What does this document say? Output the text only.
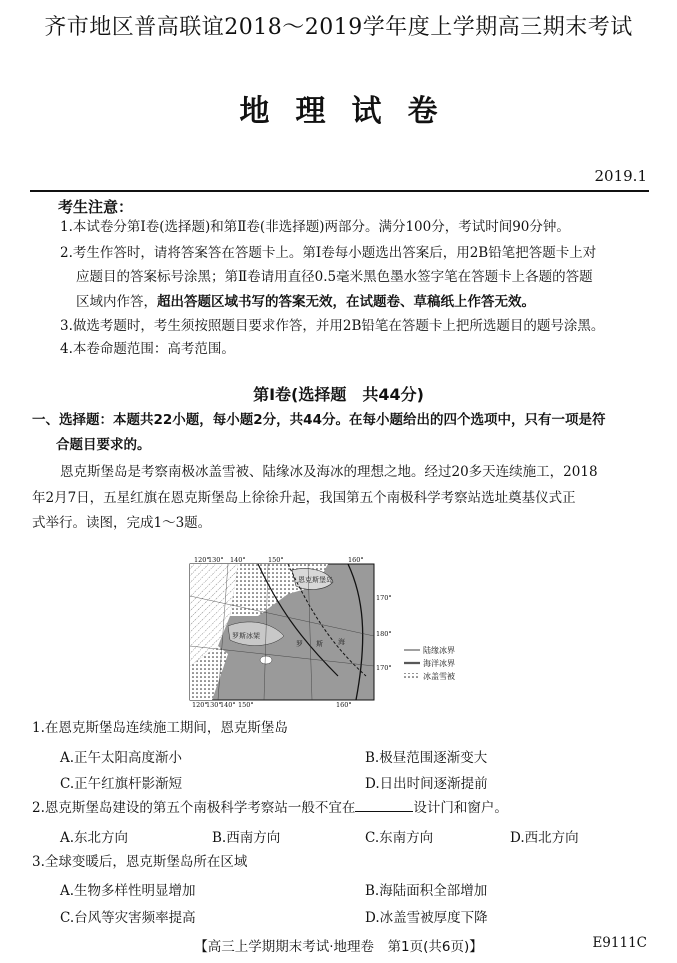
齐市地区普高联谊2018～2019学年度上学期高三期末考试
地理试卷
2019.1
考生注意：
1.本试卷分第Ⅰ卷(选择题)和第Ⅱ卷(非选择题)两部分。满分100分，考试时间90分钟。
2.考生作答时，请将答案答在答题卡上。第Ⅰ卷每小题选出答案后，用2B铅笔把答题卡上对
应题目的答案标号涂黑；第Ⅱ卷请用直径0.5毫米黑色墨水签字笔在答题卡上各题的答题
区域内作答，超出答题区域书写的答案无效，在试题卷、草稿纸上作答无效。
3.做选考题时，考生须按照题目要求作答，并用2B铅笔在答题卡上把所选题目的题号涂黑。
4.本卷命题范围：高考范围。
第Ⅰ卷(选择题　共44分)
一、选择题：本题共22小题，每小题2分，共44分。在每小题给出的四个选项中，只有一项是符
合题目要求的。
恩克斯堡岛是考察南极冰盖雪被、陆缘冰及海冰的理想之地。经过20多天连续施工，2018
年2月7日，五星红旗在恩克斯堡岛上徐徐升起，我国第五个南极科学考察站选址奠基仪式正
式举行。读图，完成1～3题。
120°
130° 140°	150°	160°
120°
130°
140° 150°	160°
170°
180°
170°
恩克斯堡岛
罗斯冰架
罗 斯 海
陆缘冰界
海洋冰界
冰盖雪被
1.在恩克斯堡岛连续施工期间，恩克斯堡岛
A.正午太阳高度渐小	B.极昼范围逐渐变大
C.正午红旗杆影渐短	D.日出时间逐渐提前
2.恩克斯堡岛建设的第五个南极科学考察站一般不宜在	设计门和窗户。
A.东北方向	B.西南方向	C.东南方向	D.西北方向
3.全球变暖后，恩克斯堡岛所在区域
A.生物多样性明显增加	B.海陆面积全部增加
C.台风等灾害频率提高	D.冰盖雪被厚度下降
【高三上学期期末考试·地理卷　第1页(共6页)】	E9111C
